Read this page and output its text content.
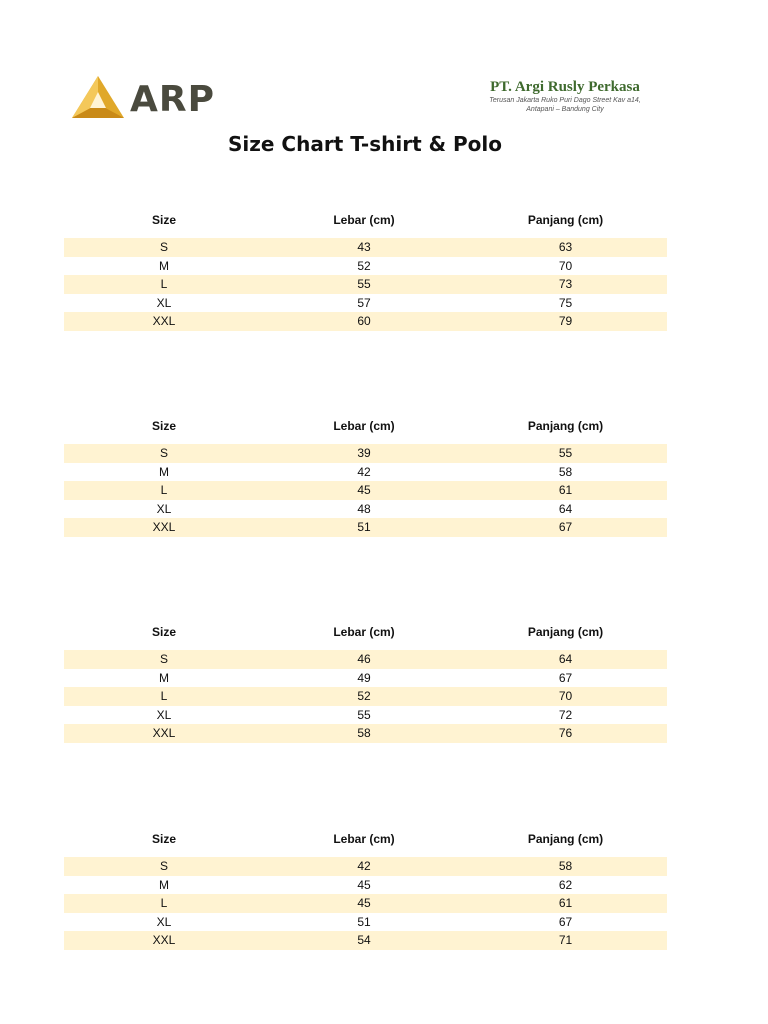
ARP	PT. Argi Rusly Perkasa
Terusan Jakarta Ruko Puri Dago Street Kav a14,
Antapani – Bandung City
Size Chart T-shirt & Polo
Size	Lebar (cm)	Panjang (cm)
S	43	63
M	52	70
L	55	73
XL	57	75
XXL	60	79
Size	Lebar (cm)	Panjang (cm)
S	39	55
M	42	58
L	45	61
XL	48	64
XXL	51	67
Size	Lebar (cm)	Panjang (cm)
S	46	64
M	49	67
L	52	70
XL	55	72
XXL	58	76
Size	Lebar (cm)	Panjang (cm)
S	42	58
M	45	62
L	45	61
XL	51	67
XXL	54	71
